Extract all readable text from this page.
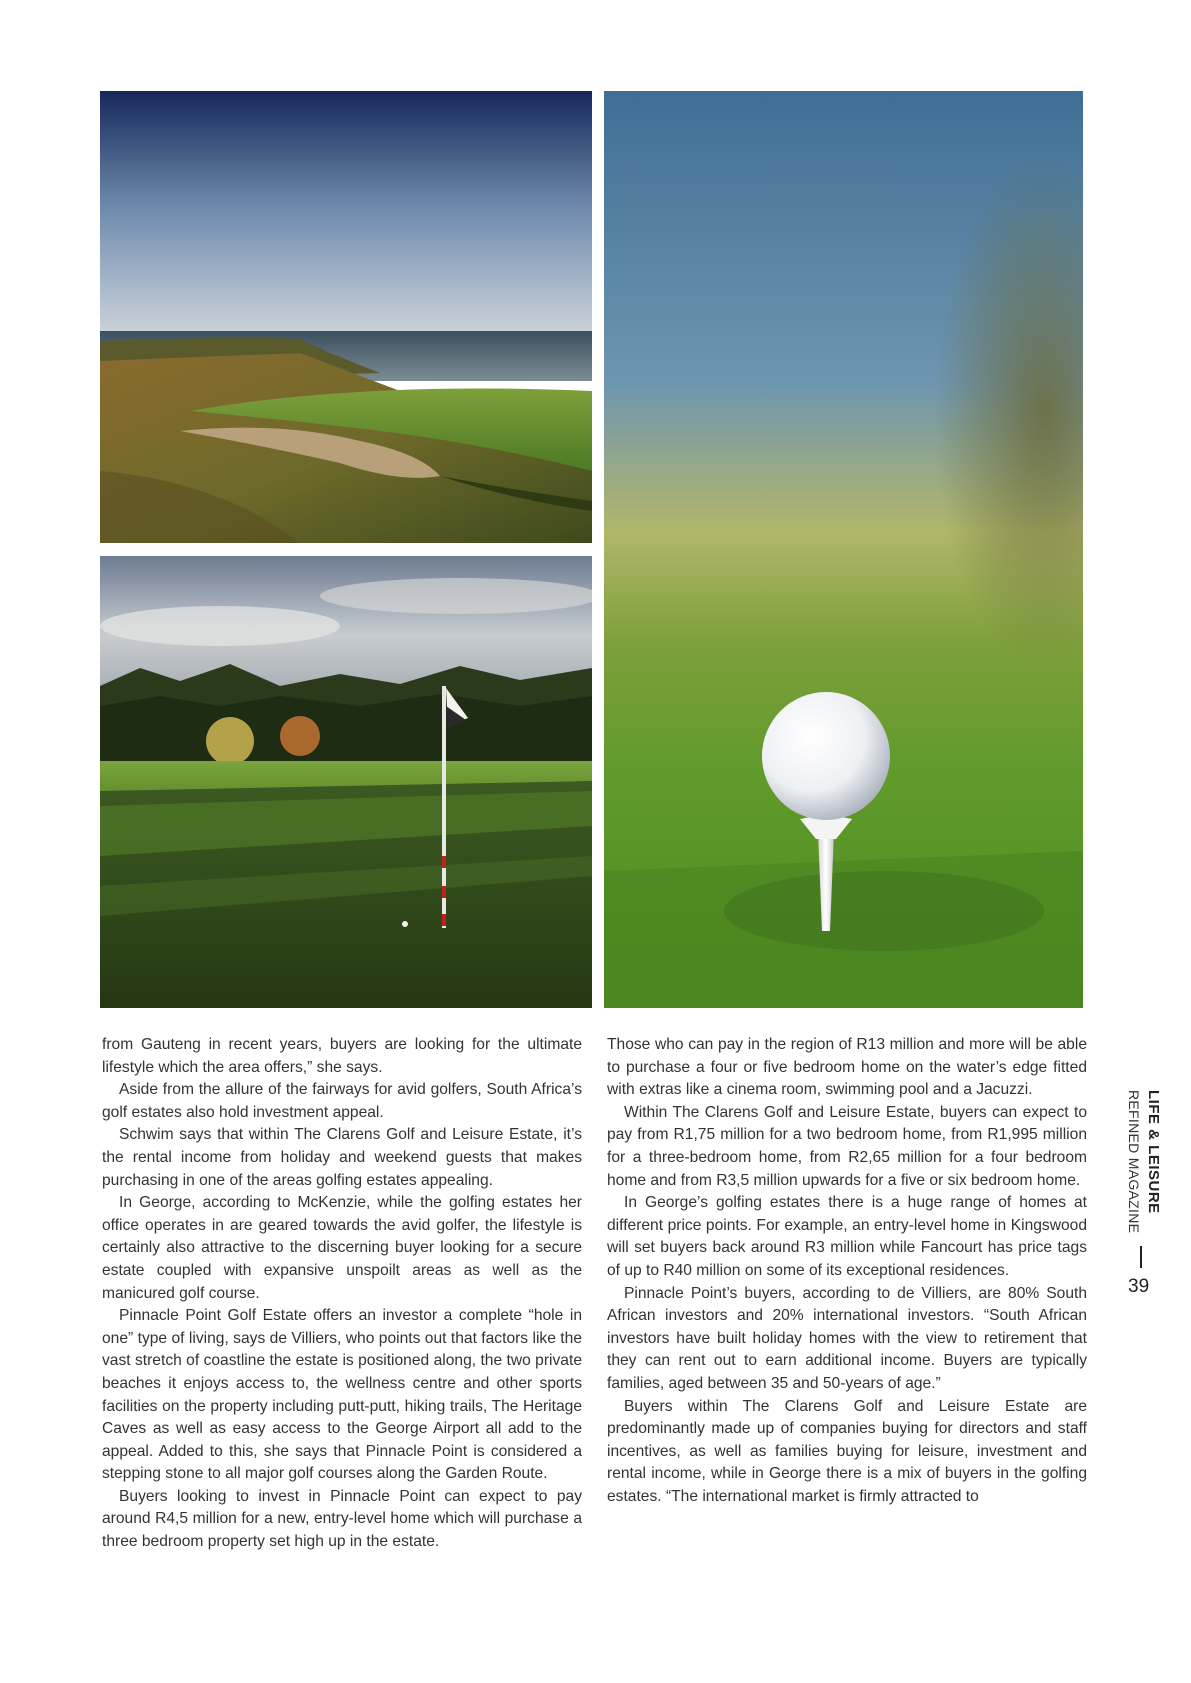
from Gauteng in recent years, buyers are looking for the ultimate lifestyle which the area offers,” she says.

Aside from the allure of the fairways for avid golfers, South Africa’s golf estates also hold investment appeal.

Schwim says that within The Clarens Golf and Leisure Estate, it’s the rental income from holiday and weekend guests that makes purchasing in one of the areas golfing estates appealing.

In George, according to McKenzie, while the golfing estates her office operates in are geared towards the avid golfer, the lifestyle is certainly also attractive to the discerning buyer looking for a secure estate coupled with expansive unspoilt areas as well as the manicured golf course.

Pinnacle Point Golf Estate offers an investor a complete “hole in one” type of living, says de Villiers, who points out that factors like the vast stretch of coastline the estate is positioned along, the two private beaches it enjoys access to, the wellness centre and other sports facilities on the property including putt-putt, hiking trails, The Heritage Caves as well as easy access to the George Airport all add to the appeal. Added to this, she says that Pinnacle Point is considered a stepping stone to all major golf courses along the Garden Route.

Buyers looking to invest in Pinnacle Point can expect to pay around R4,5 million for a new, entry-level home which will purchase a three bedroom property set high up in the estate.

Those who can pay in the region of R13 million and more will be able to purchase a four or five bedroom home on the water’s edge fitted with extras like a cinema room, swimming pool and a Jacuzzi.

Within The Clarens Golf and Leisure Estate, buyers can expect to pay from R1,75 million for a two bedroom home, from R1,995 million for a three-bedroom home, from R2,65 million for a four bedroom home and from R3,5 million upwards for a five or six bedroom home.

In George’s golfing estates there is a huge range of homes at different price points. For example, an entry-level home in Kingswood will set buyers back around R3 million while Fancourt has price tags of up to R40 million on some of its exceptional residences.

Pinnacle Point’s buyers, according to de Villiers, are 80% South African investors and 20% international investors. “South African investors have built holiday homes with the view to retirement that they can rent out to earn additional income. Buyers are typically families, aged between 35 and 50-years of age.”

Buyers within The Clarens Golf and Leisure Estate are predominantly made up of companies buying for directors and staff incentives, as well as families buying for leisure, investment and rental income, while in George there is a mix of buyers in the golfing estates. “The international market is firmly attracted to

LIFE & LEISURE
REFINED MAGAZINE
39
